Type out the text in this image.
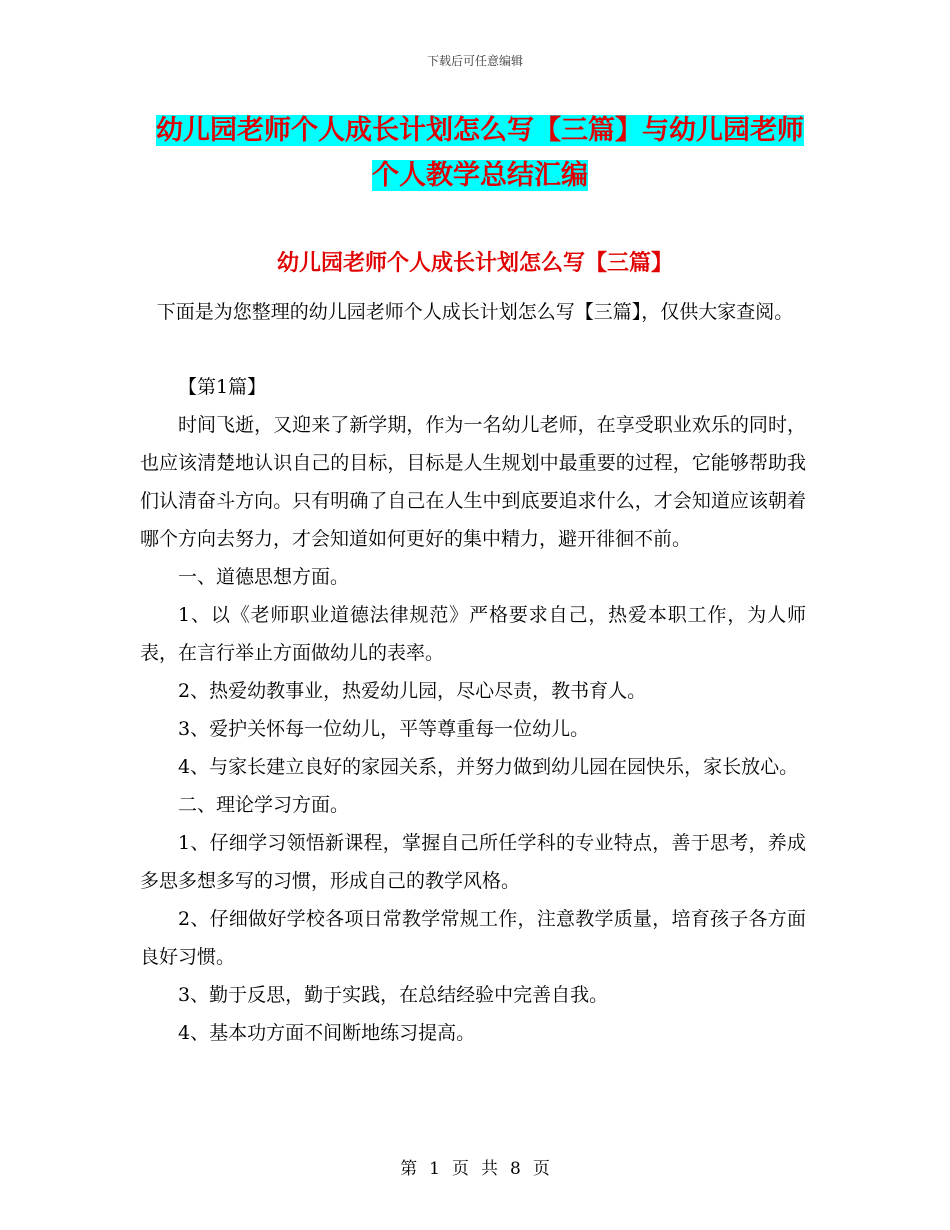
下载后可任意编辑
幼儿园老师个人成长计划怎么写【三篇】与幼儿园老师个人教学总结汇编
幼儿园老师个人成长计划怎么写【三篇】
下面是为您整理的幼儿园老师个人成长计划怎么写【三篇】，仅供大家查阅。

【第1篇】

时间飞逝，又迎来了新学期，作为一名幼儿老师，在享受职业欢乐的同时，也应该清楚地认识自己的目标，目标是人生规划中最重要的过程，它能够帮助我们认清奋斗方向。只有明确了自己在人生中到底要追求什么，才会知道应该朝着哪个方向去努力，才会知道如何更好的集中精力，避开徘徊不前。

一、道德思想方面。

1、以《老师职业道德法律规范》严格要求自己，热爱本职工作，为人师表，在言行举止方面做幼儿的表率。

2、热爱幼教事业，热爱幼儿园，尽心尽责，教书育人。

3、爱护关怀每一位幼儿，平等尊重每一位幼儿。

4、与家长建立良好的家园关系，并努力做到幼儿园在园快乐，家长放心。

二、理论学习方面。

1、仔细学习领悟新课程，掌握自己所任学科的专业特点，善于思考，养成多思多想多写的习惯，形成自己的教学风格。

2、仔细做好学校各项日常教学常规工作，注意教学质量，培育孩子各方面良好习惯。

3、勤于反思，勤于实践，在总结经验中完善自我。

4、基本功方面不间断地练习提高。

第 1 页 共 8 页
